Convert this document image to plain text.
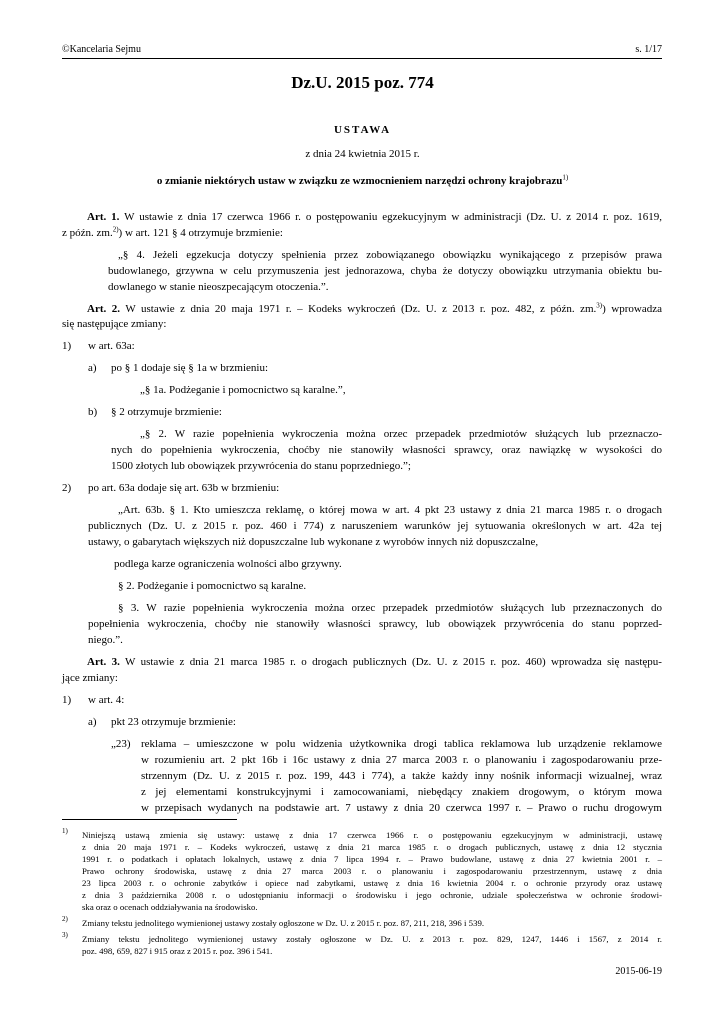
©Kancelaria Sejmu	s. 1/17
Dz.U. 2015 poz. 774
USTAWA
z dnia 24 kwietnia 2015 r.
o zmianie niektórych ustaw w związku ze wzmocnieniem narzędzi ochrony krajobrazu$^{1)}$
Art. 1. W ustawie z dnia 17 czerwca 1966 r. o postępowaniu egzekucyjnym w administracji (Dz. U. z 2014 r. poz. 1619,
z późn. zm.$^{2)}$) w art. 121 § 4 otrzymuje brzmienie:
„§ 4. Jeżeli egzekucja dotyczy spełnienia przez zobowiązanego obowiązku wynikającego z przepisów prawa
budowlanego, grzywna w celu przymuszenia jest jednorazowa, chyba że dotyczy obowiązku utrzymania obiektu bu-
dowlanego w stanie nieoszpecającym otoczenia.”.
Art. 2. W ustawie z dnia 20 maja 1971 r. – Kodeks wykroczeń (Dz. U. z 2013 r. poz. 482, z późn. zm.$^{3)}$) wprowadza
się następujące zmiany:
1) w art. 63a:
a) po § 1 dodaje się § 1a w brzmieniu:
„§ 1a. Podżeganie i pomocnictwo są karalne.”,
b) § 2 otrzymuje brzmienie:
„§ 2. W razie popełnienia wykroczenia można orzec przepadek przedmiotów służących lub przeznaczo-
nych do popełnienia wykroczenia, choćby nie stanowiły własności sprawcy, oraz nawiązkę w wysokości do
1500 złotych lub obowiązek przywrócenia do stanu poprzedniego.”;
2) po art. 63a dodaje się art. 63b w brzmieniu:
„Art. 63b. § 1. Kto umieszcza reklamę, o której mowa w art. 4 pkt 23 ustawy z dnia 21 marca 1985 r. o drogach
publicznych (Dz. U. z 2015 r. poz. 460 i 774) z naruszeniem warunków jej sytuowania określonych w art. 42a tej
ustawy, o gabarytach większych niż dopuszczalne lub wykonane z wyrobów innych niż dopuszczalne,
podlega karze ograniczenia wolności albo grzywny.
§ 2. Podżeganie i pomocnictwo są karalne.
§ 3. W razie popełnienia wykroczenia można orzec przepadek przedmiotów służących lub przeznaczonych do
popełnienia wykroczenia, choćby nie stanowiły własności sprawcy, lub obowiązek przywrócenia do stanu poprzed-
niego.”.
Art. 3. W ustawie z dnia 21 marca 1985 r. o drogach publicznych (Dz. U. z 2015 r. poz. 460) wprowadza się następu-
jące zmiany:
1) w art. 4:
a) pkt 23 otrzymuje brzmienie:
„23) reklama – umieszczone w polu widzenia użytkownika drogi tablica reklamowa lub urządzenie reklamowe
w rozumieniu art. 2 pkt 16b i 16c ustawy z dnia 27 marca 2003 r. o planowaniu i zagospodarowaniu prze-
strzennym (Dz. U. z 2015 r. poz. 199, 443 i 774), a także każdy inny nośnik informacji wizualnej, wraz
z jej elementami konstrukcyjnymi i zamocowaniami, niebędący znakiem drogowym, o którym mowa
w przepisach wydanych na podstawie art. 7 ustawy z dnia 20 czerwca 1997 r. – Prawo o ruchu drogowym
1) Niniejszą ustawą zmienia się ustawy: ustawę z dnia 17 czerwca 1966 r. o postępowaniu egzekucyjnym w administracji, ustawę
z dnia 20 maja 1971 r. – Kodeks wykroczeń, ustawę z dnia 21 marca 1985 r. o drogach publicznych, ustawę z dnia 12 stycznia
1991 r. o podatkach i opłatach lokalnych, ustawę z dnia 7 lipca 1994 r. – Prawo budowlane, ustawę z dnia 27 kwietnia 2001 r. –
Prawo ochrony środowiska, ustawę z dnia 27 marca 2003 r. o planowaniu i zagospodarowaniu przestrzennym, ustawę z dnia
23 lipca 2003 r. o ochronie zabytków i opiece nad zabytkami, ustawę z dnia 16 kwietnia 2004 r. o ochronie przyrody oraz ustawę
z dnia 3 października 2008 r. o udostępnianiu informacji o środowisku i jego ochronie, udziale społeczeństwa w ochronie środowi-
ska oraz o ocenach oddziaływania na środowisko.
2) Zmiany tekstu jednolitego wymienionej ustawy zostały ogłoszone w Dz. U. z 2015 r. poz. 87, 211, 218, 396 i 539.
3) Zmiany tekstu jednolitego wymienionej ustawy zostały ogłoszone w Dz. U. z 2013 r. poz. 829, 1247, 1446 i 1567, z 2014 r.
poz. 498, 659, 827 i 915 oraz z 2015 r. poz. 396 i 541.
2015-06-19
